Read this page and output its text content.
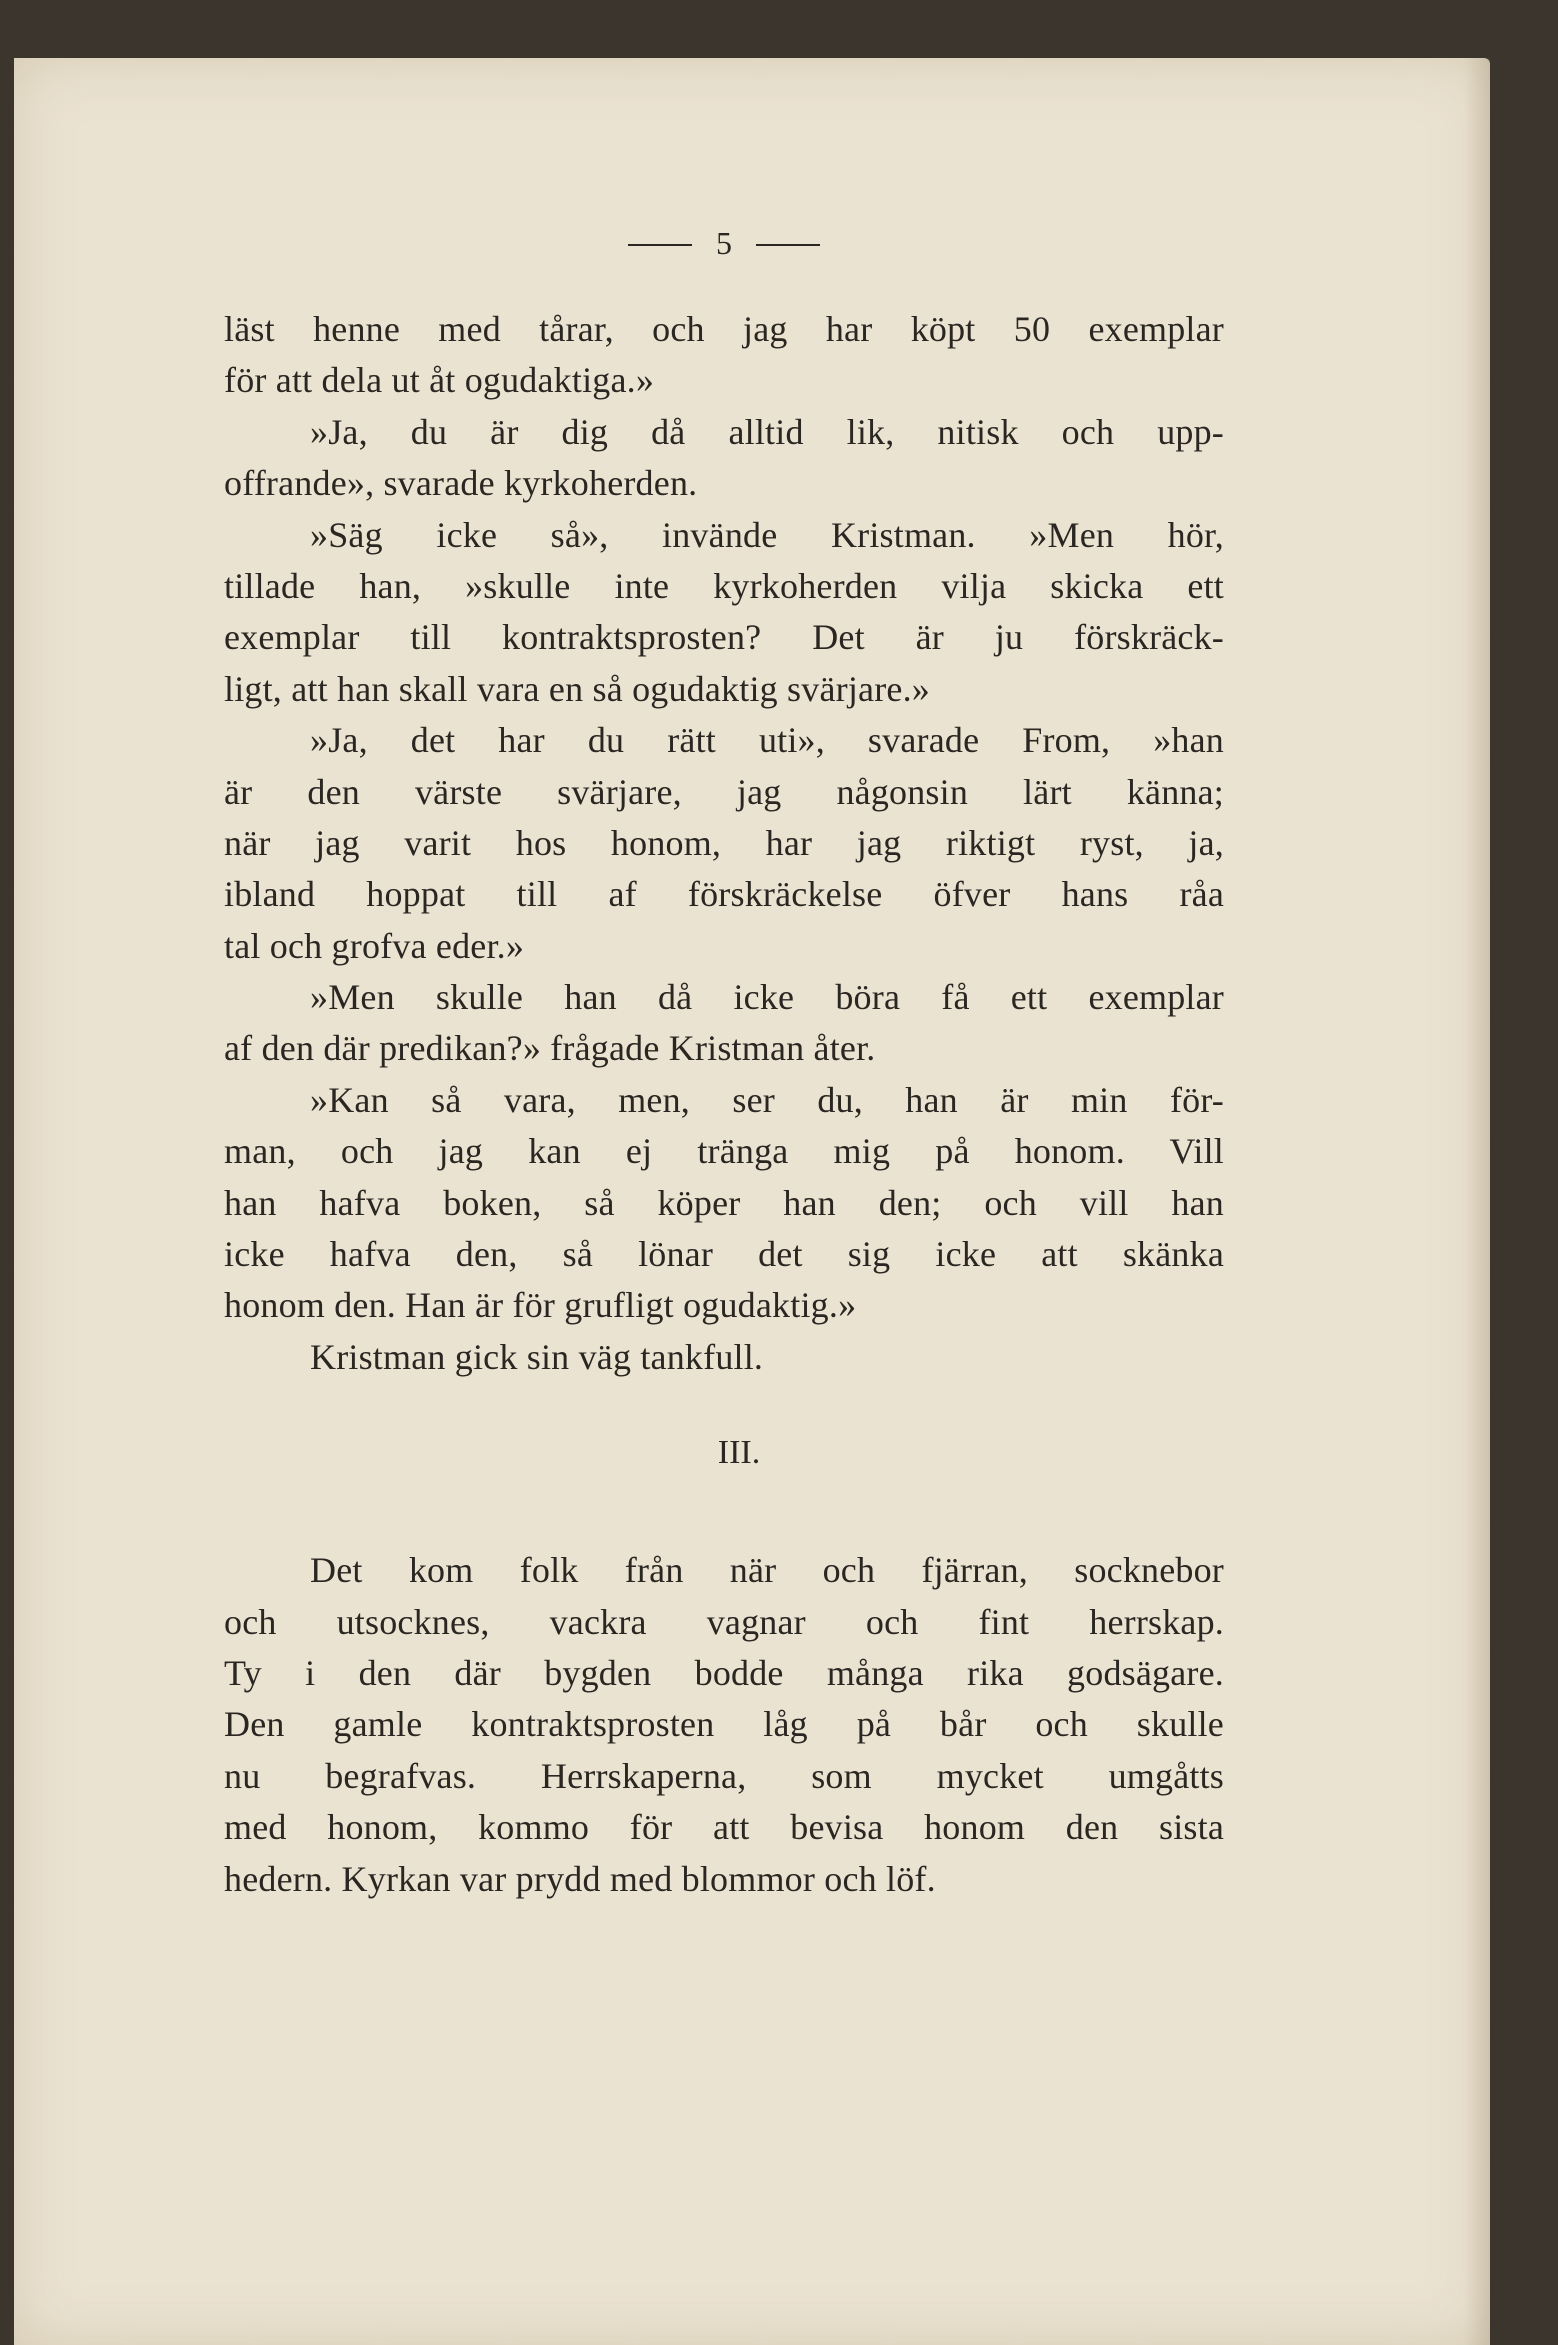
5
läst henne med tårar, och jag har köpt 50 exemplar
för att dela ut åt ogudaktiga.»
»Ja, du är dig då alltid lik, nitisk och upp-
offrande», svarade kyrkoherden.
»Säg icke så», invände Kristman. »Men hör,
tillade han, »skulle inte kyrkoherden vilja skicka ett
exemplar till kontraktsprosten? Det är ju förskräck-
ligt, att han skall vara en så ogudaktig svärjare.»
»Ja, det har du rätt uti», svarade From, »han
är den värste svärjare, jag någonsin lärt känna;
när jag varit hos honom, har jag riktigt ryst, ja,
ibland hoppat till af förskräckelse öfver hans råa
tal och grofva eder.»
»Men skulle han då icke böra få ett exemplar
af den där predikan?» frågade Kristman åter.
»Kan så vara, men, ser du, han är min för-
man, och jag kan ej tränga mig på honom. Vill
han hafva boken, så köper han den; och vill han
icke hafva den, så lönar det sig icke att skänka
honom den. Han är för grufligt ogudaktig.»
Kristman gick sin väg tankfull.
III.
Det kom folk från när och fjärran, socknebor
och utsocknes, vackra vagnar och fint herrskap.
Ty i den där bygden bodde många rika godsägare.
Den gamle kontraktsprosten låg på bår och skulle
nu begrafvas. Herrskaperna, som mycket umgåtts
med honom, kommo för att bevisa honom den sista
hedern. Kyrkan var prydd med blommor och löf.
